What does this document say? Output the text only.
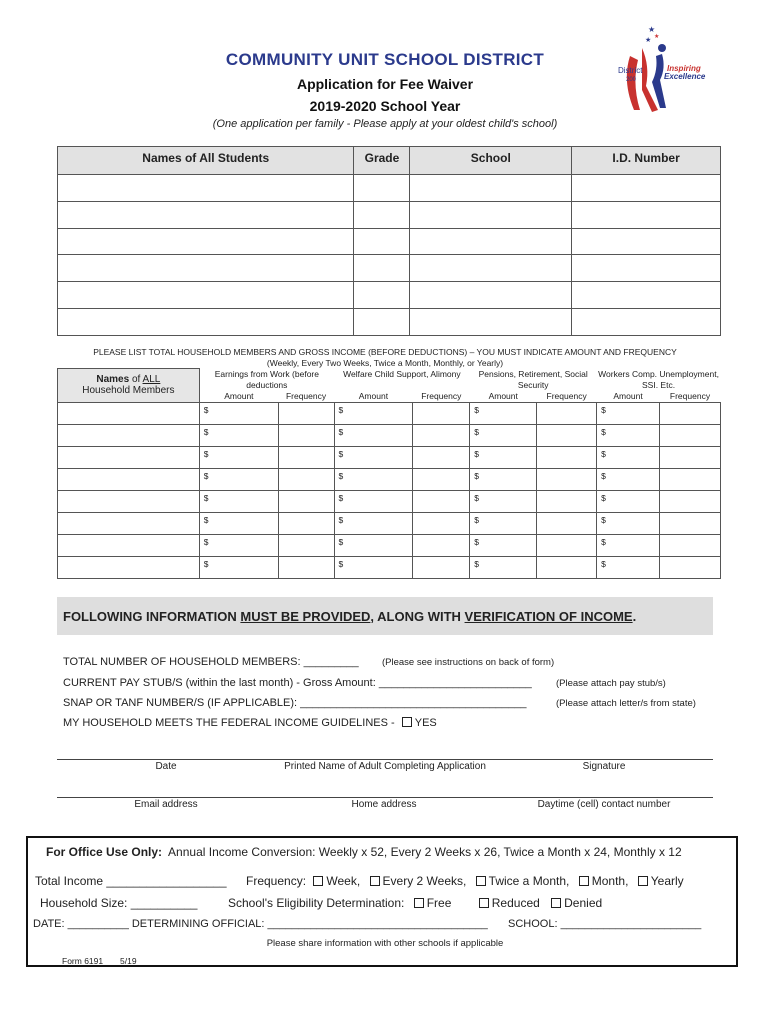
COMMUNITY UNIT SCHOOL DISTRICT
Application for Fee Waiver
2019-2020 School Year
(One application per family - Please apply at your oldest child's school)
★
★
★
District
200
Inspiring
Excellence
Names of All Students	Grade	School	I.D. Number

PLEASE LIST TOTAL HOUSEHOLD MEMBERS AND GROSS INCOME (BEFORE DEDUCTIONS) – YOU MUST INDICATE AMOUNT AND FREQUENCY
(Weekly, Every Two Weeks, Twice a Month, Monthly, or Yearly)
Names of ALL
Household Members	Earnings from Work (before deductions		Welfare Child Support, Alimony		Pensions, Retirement, Social Security		Workers Comp. Unemployment, SSI. Etc.	
	Amount	Frequency	Amount	Frequency	Amount	Frequency	Amount	Frequency
	$		$		$		$	
	$		$		$		$	
	$		$		$		$	
	$		$		$		$	
	$		$		$		$	
	$		$		$		$	
	$		$		$		$	
	$		$		$		$	
FOLLOWING INFORMATION MUST BE PROVIDED, ALONG WITH VERIFICATION OF INCOME.
TOTAL NUMBER OF HOUSEHOLD MEMBERS: _________ (Please see instructions on back of form)
CURRENT PAY STUB/S (within the last month) - Gross Amount: _________________________	(Please attach pay stub/s)
SNAP OR TANF NUMBER/S (IF APPLICABLE): _____________________________________	(Please attach letter/s from state)
MY HOUSEHOLD MEETS THE FEDERAL INCOME GUIDELINES - YES
Date	Printed Name of Adult Completing Application	Signature
Email address	Home address	Daytime (cell) contact number
For Office Use Only: Annual Income Conversion: Weekly x 52, Every 2 Weeks x 26, Twice a Month x 24, Monthly x 12
Total Income __________________ Frequency: Week, Every 2 Weeks, Twice a Month, Month, Yearly
Household Size: __________	School's Eligibility Determination: Free	Reduced Denied
DATE: __________ DETERMINING OFFICIAL: ____________________________________ SCHOOL: _______________________
Please share information with other schools if applicable
Form 6191 5/19
